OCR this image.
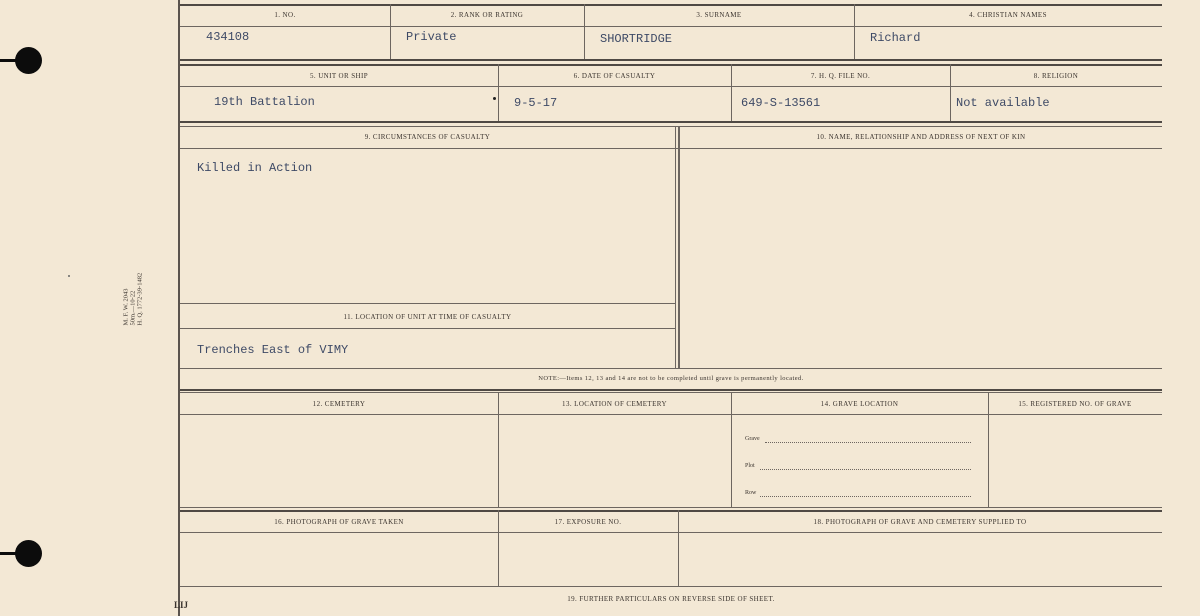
M. F. W. 2043 50m.—10-22 H. Q. 1772-39-1482
1. NO.	2. RANK OR RATING	3. SURNAME	4. CHRISTIAN NAMES
434108	Private	SHORTRIDGE	Richard
5. UNIT OR SHIP	6. DATE OF CASUALTY	7. H. Q. FILE NO.	8. RELIGION
19th Battalion	9-5-17	649-S-13561	Not available
9. CIRCUMSTANCES OF CASUALTY	10. NAME, RELATIONSHIP AND ADDRESS OF NEXT OF KIN
Killed in Action
11. LOCATION OF UNIT AT TIME OF CASUALTY
Trenches East of VIMY
NOTE:—Items 12, 13 and 14 are not to be completed until grave is permanently located.
12. CEMETERY	13. LOCATION OF CEMETERY	14. GRAVE LOCATION	15. REGISTERED NO. OF GRAVE
Grave
Plot
Row
16. PHOTOGRAPH OF GRAVE TAKEN	17. EXPOSURE NO.	18. PHOTOGRAPH OF GRAVE AND CEMETERY SUPPLIED TO
19. FURTHER PARTICULARS ON REVERSE SIDE OF SHEET.
LIJ
